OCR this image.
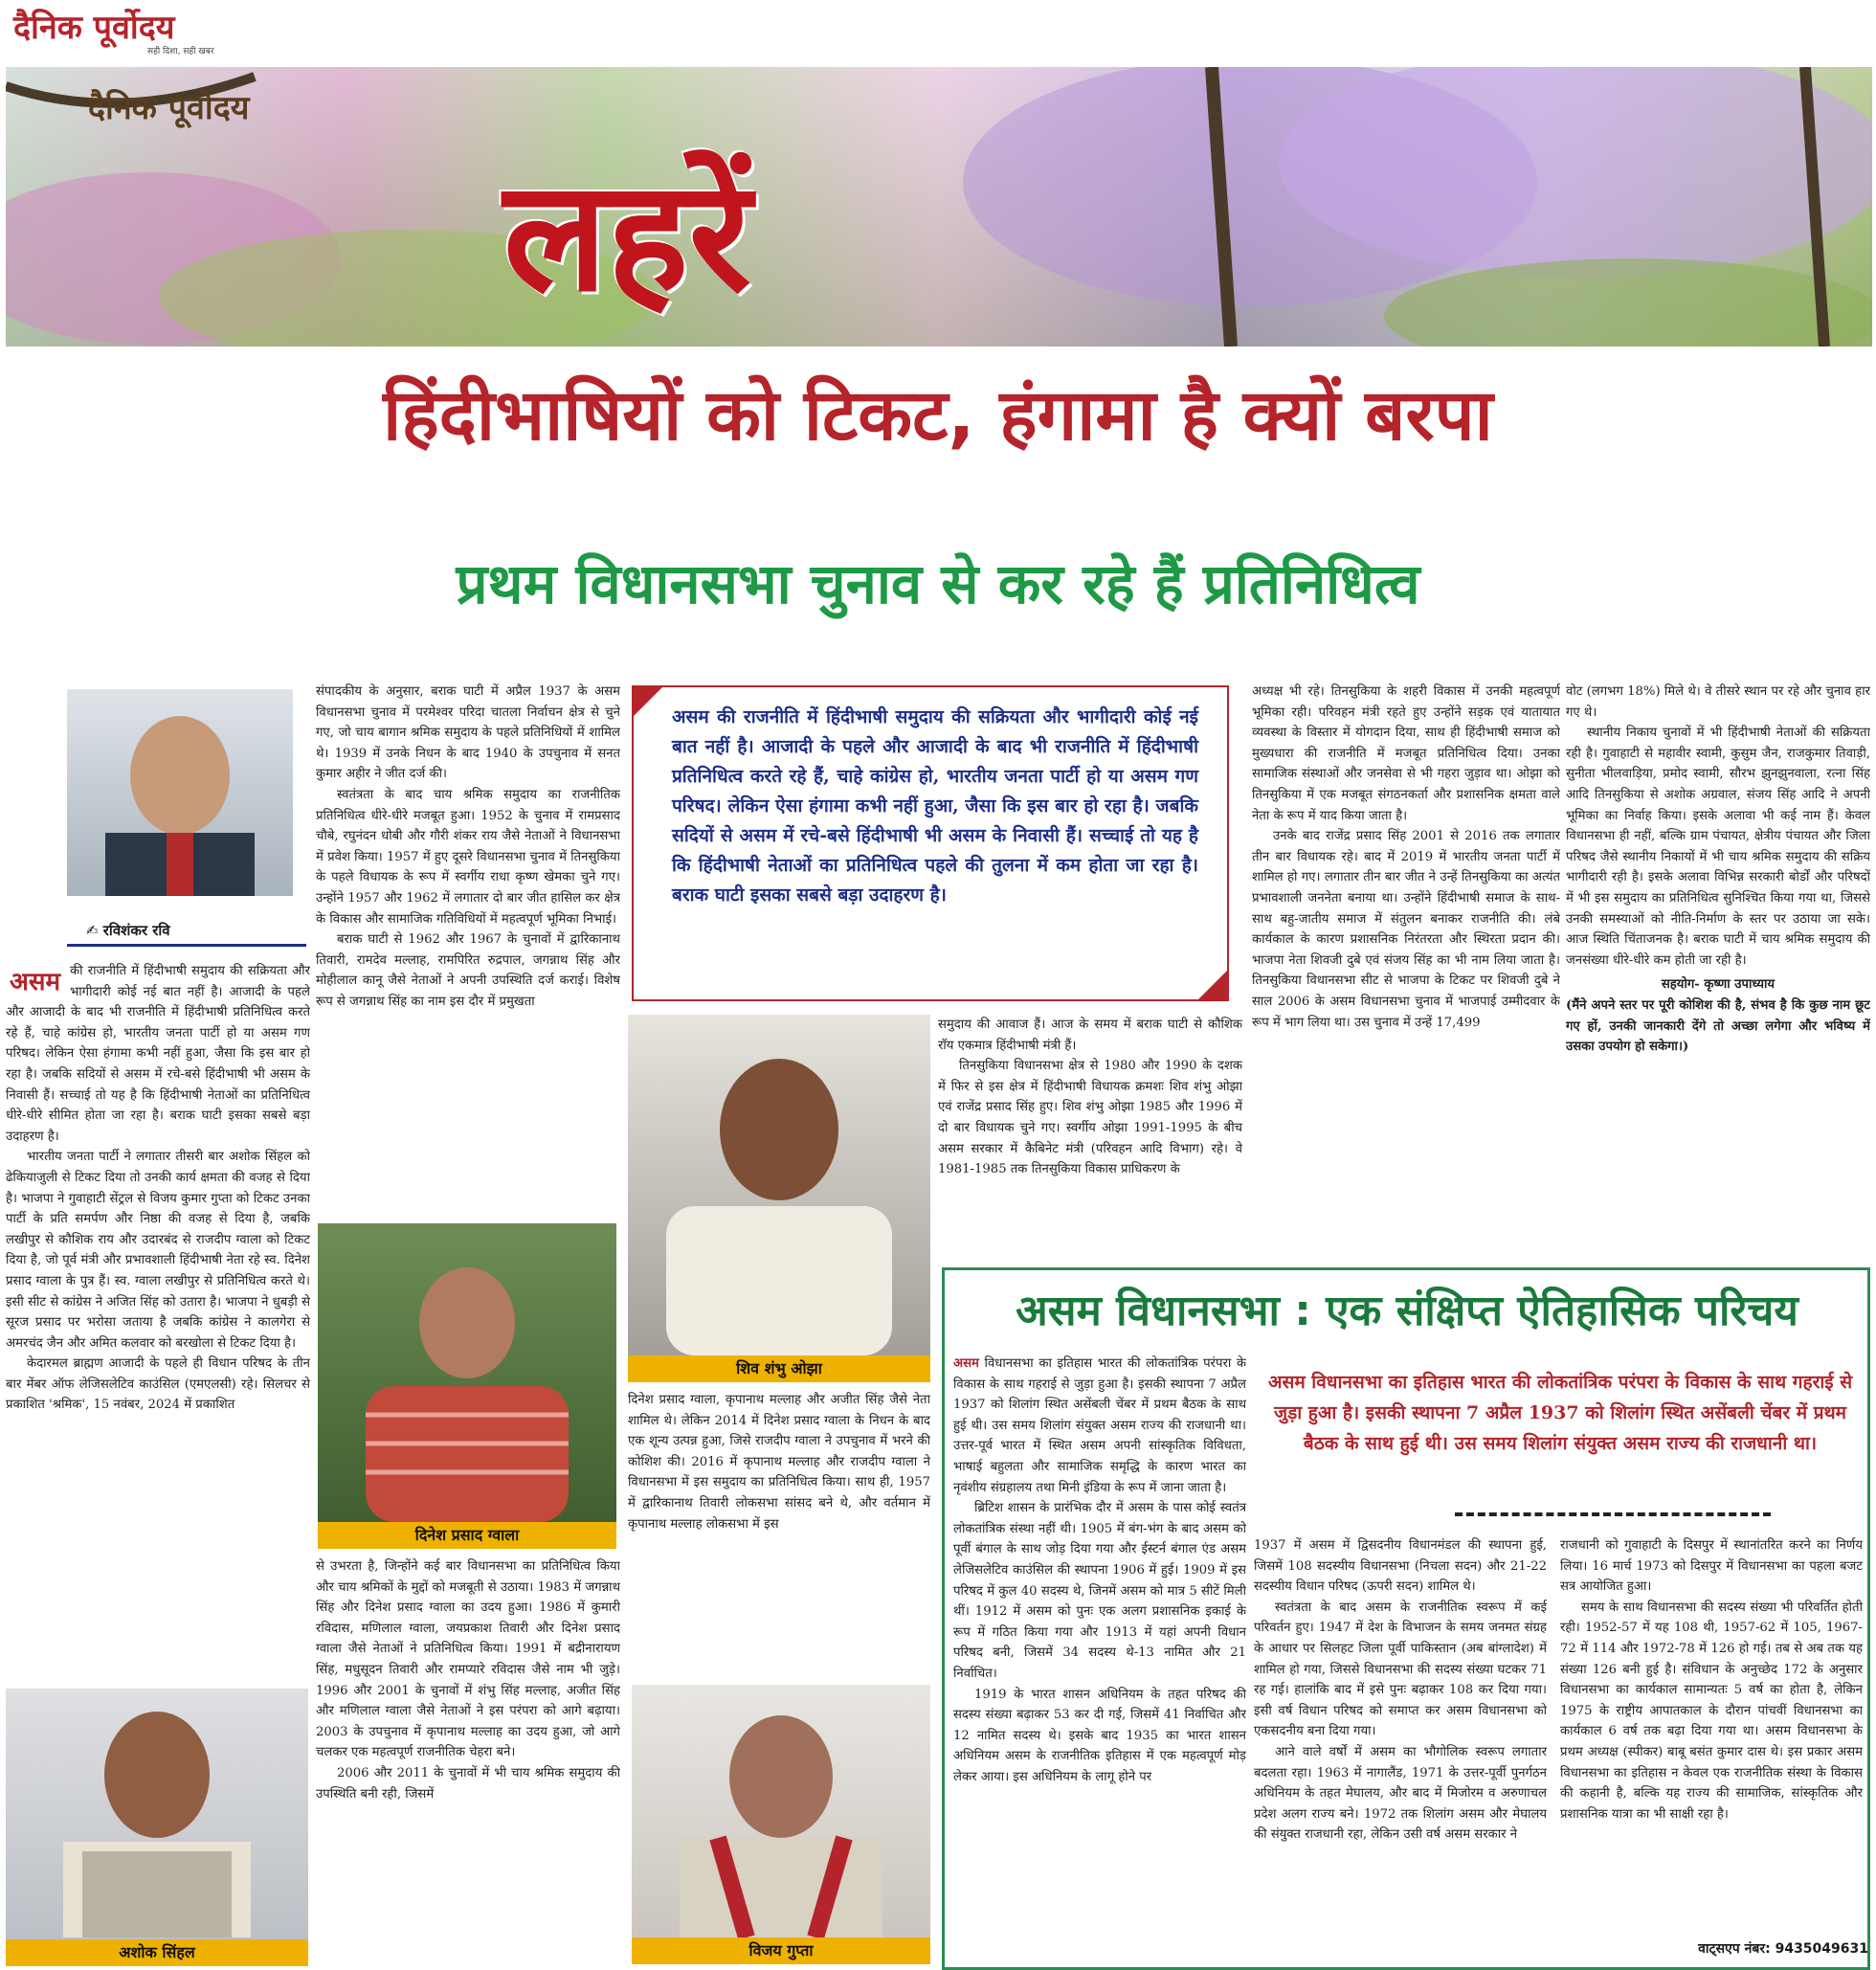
दैनिक पूर्वोदय
सही दिशा, सही खबर
दैनिक पूर्वोदय
लहरें
हिंदीभाषियों को टिकट, हंगामा है क्यों बरपा
प्रथम विधानसभा चुनाव से कर रहे हैं प्रतिनिधित्व
✍ रविशंकर रवि
असम की राजनीति में हिंदीभाषी समुदाय की सक्रियता और भागीदारी कोई नई बात नहीं है। आजादी के पहले और आजादी के बाद भी राजनीति में हिंदीभाषी प्रतिनिधित्व करते रहे हैं, चाहे कांग्रेस हो, भारतीय जनता पार्टी हो या असम गण परिषद। लेकिन ऐसा हंगामा कभी नहीं हुआ, जैसा कि इस बार हो रहा है। जबकि सदियों से असम में रचे-बसे हिंदीभाषी भी असम के निवासी हैं। सच्चाई तो यह है कि हिंदीभाषी नेताओं का प्रतिनिधित्व धीरे-धीरे सीमित होता जा रहा है। बराक घाटी इसका सबसे बड़ा उदाहरण है।

भारतीय जनता पार्टी ने लगातार तीसरी बार अशोक सिंहल को ढेकियाजुली से टिकट दिया तो उनकी कार्य क्षमता की वजह से दिया है। भाजपा ने गुवाहाटी सेंट्रल से विजय कुमार गुप्ता को टिकट उनका पार्टी के प्रति समर्पण और निष्ठा की वजह से दिया है, जबकि लखीपुर से कौशिक राय और उदारबंद से राजदीप ग्वाला को टिकट दिया है, जो पूर्व मंत्री और प्रभावशाली हिंदीभाषी नेता रहे स्व. दिनेश प्रसाद ग्वाला के पुत्र हैं। स्व. ग्वाला लखीपुर से प्रतिनिधित्व करते थे। इसी सीट से कांग्रेस ने अजित सिंह को उतारा है। भाजपा ने धुबड़ी से सूरज प्रसाद पर भरोसा जताया है जबकि कांग्रेस ने कालगेरा से अमरचंद जैन और अमित कलवार को बरखोला से टिकट दिया है।

केदारमल ब्राह्मण आजादी के पहले ही विधान परिषद के तीन बार मेंबर ऑफ लेजिसलेटिव काउंसिल (एमएलसी) रहे। सिलचर से प्रकाशित 'श्रमिक', 15 नवंबर, 2024 में प्रकाशित

अशोक सिंहल

संपादकीय के अनुसार, बराक घाटी में अप्रैल 1937 के असम विधानसभा चुनाव में परमेश्वर परिदा चातला निर्वाचन क्षेत्र से चुने गए, जो चाय बागान श्रमिक समुदाय के पहले प्रतिनिधियों में शामिल थे। 1939 में उनके निधन के बाद 1940 के उपचुनाव में सनत कुमार अहीर ने जीत दर्ज की।

स्वतंत्रता के बाद चाय श्रमिक समुदाय का राजनीतिक प्रतिनिधित्व धीरे-धीरे मजबूत हुआ। 1952 के चुनाव में रामप्रसाद चौबे, रघुनंदन धोबी और गौरी शंकर राय जैसे नेताओं ने विधानसभा में प्रवेश किया। 1957 में हुए दूसरे विधानसभा चुनाव में तिनसुकिया के पहले विधायक के रूप में स्वर्गीय राधा कृष्ण खेमका चुने गए। उन्होंने 1957 और 1962 में लगातार दो बार जीत हासिल कर क्षेत्र के विकास और सामाजिक गतिविधियों में महत्वपूर्ण भूमिका निभाई।

बराक घाटी से 1962 और 1967 के चुनावों में द्वारिकानाथ तिवारी, रामदेव मल्लाह, रामपिरित रुद्रपाल, जगन्नाथ सिंह और मोहीलाल कानू जैसे नेताओं ने अपनी उपस्थिति दर्ज कराई। विशेष रूप से जगन्नाथ सिंह का नाम इस दौर में प्रमुखता

दिनेश प्रसाद ग्वाला

से उभरता है, जिन्होंने कई बार विधानसभा का प्रतिनिधित्व किया और चाय श्रमिकों के मुद्दों को मजबूती से उठाया। 1983 में जगन्नाथ सिंह और दिनेश प्रसाद ग्वाला का उदय हुआ। 1986 में कुमारी रविदास, मणिलाल ग्वाला, जयप्रकाश तिवारी और दिनेश प्रसाद ग्वाला जैसे नेताओं ने प्रतिनिधित्व किया। 1991 में बद्रीनारायण सिंह, मधुसूदन तिवारी और रामप्यारे रविदास जैसे नाम भी जुड़े। 1996 और 2001 के चुनावों में शंभु सिंह मल्लाह, अजीत सिंह और मणिलाल ग्वाला जैसे नेताओं ने इस परंपरा को आगे बढ़ाया। 2003 के उपचुनाव में कृपानाथ मल्लाह का उदय हुआ, जो आगे चलकर एक महत्वपूर्ण राजनीतिक चेहरा बने।

2006 और 2011 के चुनावों में भी चाय श्रमिक समुदाय की उपस्थिति बनी रही, जिसमें

असम की राजनीति में हिंदीभाषी समुदाय की सक्रियता और भागीदारी कोई नई बात नहीं है। आजादी के पहले और आजादी के बाद भी राजनीति में हिंदीभाषी प्रतिनिधित्व करते रहे हैं, चाहे कांग्रेस हो, भारतीय जनता पार्टी हो या असम गण परिषद। लेकिन ऐसा हंगामा कभी नहीं हुआ, जैसा कि इस बार हो रहा है। जबकि सदियों से असम में रचे-बसे हिंदीभाषी भी असम के निवासी हैं। सच्चाई तो यह है कि हिंदीभाषी नेताओं का प्रतिनिधित्व पहले की तुलना में कम होता जा रहा है। बराक घाटी इसका सबसे बड़ा उदाहरण है।
शिव शंभु ओझा

दिनेश प्रसाद ग्वाला, कृपानाथ मल्लाह और अजीत सिंह जैसे नेता शामिल थे। लेकिन 2014 में दिनेश प्रसाद ग्वाला के निधन के बाद एक शून्य उत्पन्न हुआ, जिसे राजदीप ग्वाला ने उपचुनाव में भरने की कोशिश की। 2016 में कृपानाथ मल्लाह और राजदीप ग्वाला ने विधानसभा में इस समुदाय का प्रतिनिधित्व किया। साथ ही, 1957 में द्वारिकानाथ तिवारी लोकसभा सांसद बने थे, और वर्तमान में कृपानाथ मल्लाह लोकसभा में इस

विजय गुप्ता

समुदाय की आवाज हैं। आज के समय में बराक घाटी से कौशिक राॅय एकमात्र हिंदीभाषी मंत्री हैं।

तिनसुकिया विधानसभा क्षेत्र से 1980 और 1990 के दशक में फिर से इस क्षेत्र में हिंदीभाषी विधायक क्रमशः शिव शंभु ओझा एवं राजेंद्र प्रसाद सिंह हुए। शिव शंभु ओझा 1985 और 1996 में दो बार विधायक चुने गए। स्वर्गीय ओझा 1991-1995 के बीच असम सरकार में कैबिनेट मंत्री (परिवहन आदि विभाग) रहे। वे 1981-1985 तक तिनसुकिया विकास प्राधिकरण के

अध्यक्ष भी रहे। तिनसुकिया के शहरी विकास में उनकी महत्वपूर्ण भूमिका रही। परिवहन मंत्री रहते हुए उन्होंने सड़क एवं यातायात व्यवस्था के विस्तार में योगदान दिया, साथ ही हिंदीभाषी समाज को मुख्यधारा की राजनीति में मजबूत प्रतिनिधित्व दिया। उनका सामाजिक संस्थाओं और जनसेवा से भी गहरा जुड़ाव था। ओझा को तिनसुकिया में एक मजबूत संगठनकर्ता और प्रशासनिक क्षमता वाले नेता के रूप में याद किया जाता है।

उनके बाद राजेंद्र प्रसाद सिंह 2001 से 2016 तक लगातार तीन बार विधायक रहे। बाद में 2019 में भारतीय जनता पार्टी में शामिल हो गए। लगातार तीन बार जीत ने उन्हें तिनसुकिया का अत्यंत प्रभावशाली जननेता बनाया था। उन्होंने हिंदीभाषी समाज के साथ-साथ बहु-जातीय समाज में संतुलन बनाकर राजनीति की। लंबे कार्यकाल के कारण प्रशासनिक निरंतरता और स्थिरता प्रदान की। भाजपा नेता शिवजी दुबे एवं संजय सिंह का भी नाम लिया जाता है। तिनसुकिया विधानसभा सीट से भाजपा के टिकट पर शिवजी दुबे ने साल 2006 के असम विधानसभा चुनाव में भाजपाई उम्मीदवार के रूप में भाग लिया था। उस चुनाव में उन्हें 17,499

वोट (लगभग 18%) मिले थे। वे तीसरे स्थान पर रहे और चुनाव हार गए थे।

स्थानीय निकाय चुनावों में भी हिंदीभाषी नेताओं की सक्रियता रही है। गुवाहाटी से महावीर स्वामी, कुसुम जैन, राजकुमार तिवाड़ी, सुनीता भीलवाड़िया, प्रमोद स्वामी, सौरभ झुनझुनवाला, रत्ना सिंह आदि तिनसुकिया से अशोक अग्रवाल, संजय सिंह आदि ने अपनी भूमिका का निर्वाह किया। इसके अलावा भी कई नाम हैं। केवल विधानसभा ही नहीं, बल्कि ग्राम पंचायत, क्षेत्रीय पंचायत और जिला परिषद जैसे स्थानीय निकायों में भी चाय श्रमिक समुदाय की सक्रिय भागीदारी रही है। इसके अलावा विभिन्न सरकारी बोर्डों और परिषदों में भी इस समुदाय का प्रतिनिधित्व सुनिश्चित किया गया था, जिससे उनकी समस्याओं को नीति-निर्माण के स्तर पर उठाया जा सके। आज स्थिति चिंताजनक है। बराक घाटी में चाय श्रमिक समुदाय की जनसंख्या धीरे-धीरे कम होती जा रही है।

सहयोग- कृष्णा उपाध्याय
(मैंने अपने स्तर पर पूरी कोशिश की है, संभव है कि कुछ नाम छूट गए हों, उनकी जानकारी देंगे तो अच्छा लगेगा और भविष्य में उसका उपयोग हो सकेगा।)
असम विधानसभा : एक संक्षिप्त ऐतिहासिक परिचय
असम विधानसभा का इतिहास भारत की लोकतांत्रिक परंपरा के विकास के साथ गहराई से जुड़ा हुआ है। इसकी स्थापना 7 अप्रैल 1937 को शिलांग स्थित असेंबली चेंबर में प्रथम बैठक के साथ हुई थी। उस समय शिलांग संयुक्त असम राज्य की राजधानी था। उत्तर-पूर्व भारत में स्थित असम अपनी सांस्कृतिक विविधता, भाषाई बहुलता और सामाजिक समृद्धि के कारण भारत का नृवंशीय संग्रहालय तथा मिनी इंडिया के रूप में जाना जाता है।

ब्रिटिश शासन के प्रारंभिक दौर में असम के पास कोई स्वतंत्र लोकतांत्रिक संस्था नहीं थी। 1905 में बंग-भंग के बाद असम को पूर्वी बंगाल के साथ जोड़ दिया गया और ईस्टर्न बंगाल एंड असम लेजिसलेटिव काउंसिल की स्थापना 1906 में हुई। 1909 में इस परिषद में कुल 40 सदस्य थे, जिनमें असम को मात्र 5 सीटें मिली थीं। 1912 में असम को पुनः एक अलग प्रशासनिक इकाई के रूप में गठित किया गया और 1913 में यहां अपनी विधान परिषद बनी, जिसमें 34 सदस्य थे-13 नामित और 21 निर्वाचित।

1919 के भारत शासन अधिनियम के तहत परिषद की सदस्य संख्या बढ़ाकर 53 कर दी गई, जिसमें 41 निर्वाचित और 12 नामित सदस्य थे। इसके बाद 1935 का भारत शासन अधिनियम असम के राजनीतिक इतिहास में एक महत्वपूर्ण मोड़ लेकर आया। इस अधिनियम के लागू होने पर

असम विधानसभा का इतिहास भारत की लोकतांत्रिक परंपरा के विकास के साथ गहराई से जुड़ा हुआ है। इसकी स्थापना 7 अप्रैल 1937 को शिलांग स्थित असेंबली चेंबर में प्रथम बैठक के साथ हुई थी। उस समय शिलांग संयुक्त असम राज्य की राजधानी था।

1937 में असम में द्विसदनीय विधानमंडल की स्थापना हुई, जिसमें 108 सदस्यीय विधानसभा (निचला सदन) और 21-22 सदस्यीय विधान परिषद (ऊपरी सदन) शामिल थे।

स्वतंत्रता के बाद असम के राजनीतिक स्वरूप में कई परिवर्तन हुए। 1947 में देश के विभाजन के समय जनमत संग्रह के आधार पर सिलहट जिला पूर्वी पाकिस्तान (अब बांग्लादेश) में शामिल हो गया, जिससे विधानसभा की सदस्य संख्या घटकर 71 रह गई। हालांकि बाद में इसे पुनः बढ़ाकर 108 कर दिया गया। इसी वर्ष विधान परिषद को समाप्त कर असम विधानसभा को एकसदनीय बना दिया गया।

आने वाले वर्षों में असम का भौगोलिक स्वरूप लगातार बदलता रहा। 1963 में नागालैंड, 1971 के उत्तर-पूर्वी पुनर्गठन अधिनियम के तहत मेघालय, और बाद में मिजोरम व अरुणाचल प्रदेश अलग राज्य बने। 1972 तक शिलांग असम और मेघालय की संयुक्त राजधानी रहा, लेकिन उसी वर्ष असम सरकार ने

राजधानी को गुवाहाटी के दिसपुर में स्थानांतरित करने का निर्णय लिया। 16 मार्च 1973 को दिसपुर में विधानसभा का पहला बजट सत्र आयोजित हुआ।

समय के साथ विधानसभा की सदस्य संख्या भी परिवर्तित होती रही। 1952-57 में यह 108 थी, 1957-62 में 105, 1967-72 में 114 और 1972-78 में 126 हो गई। तब से अब तक यह संख्या 126 बनी हुई है। संविधान के अनुच्छेद 172 के अनुसार विधानसभा का कार्यकाल सामान्यतः 5 वर्ष का होता है, लेकिन 1975 के राष्ट्रीय आपातकाल के दौरान पांचवीं विधानसभा का कार्यकाल 6 वर्ष तक बढ़ा दिया गया था। असम विधानसभा के प्रथम अध्यक्ष (स्पीकर) बाबू बसंत कुमार दास थे। इस प्रकार असम विधानसभा का इतिहास न केवल एक राजनीतिक संस्था के विकास की कहानी है, बल्कि यह राज्य की सामाजिक, सांस्कृतिक और प्रशासनिक यात्रा का भी साक्षी रहा है।

वाट्सएप नंबर: 9435049631
